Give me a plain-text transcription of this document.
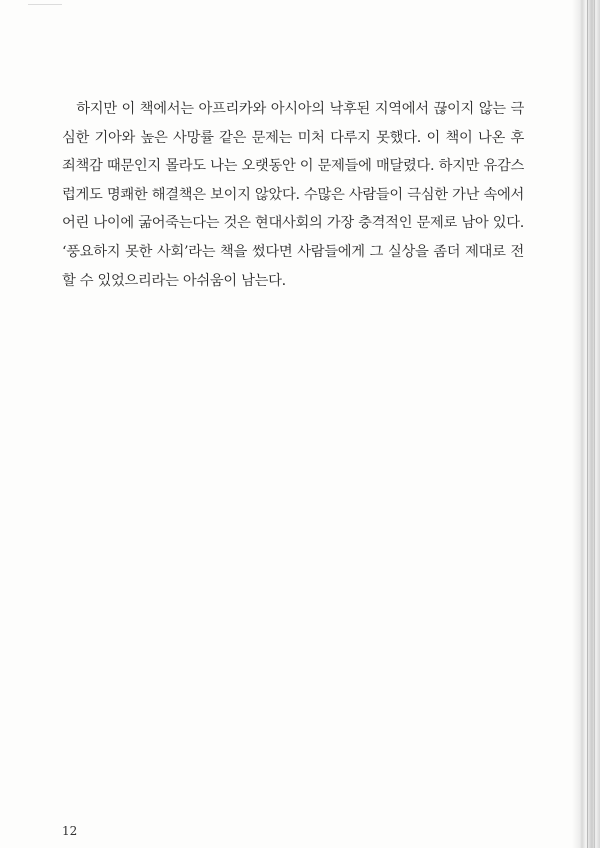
하지만 이 책에서는 아프리카와 아시아의 낙후된 지역에서 끊이지 않는 극심한 기아와 높은 사망률 같은 문제는 미처 다루지 못했다. 이 책이 나온 후 죄책감 때문인지 몰라도 나는 오랫동안 이 문제들에 매달렸다. 하지만 유감스럽게도 명쾌한 해결책은 보이지 않았다. 수많은 사람들이 극심한 가난 속에서 어린 나이에 굶어죽는다는 것은 현대사회의 가장 충격적인 문제로 남아 있다. ‘풍요하지 못한 사회’라는 책을 썼다면 사람들에게 그 실상을 좀더 제대로 전할 수 있었으리라는 아쉬움이 남는다.

12
